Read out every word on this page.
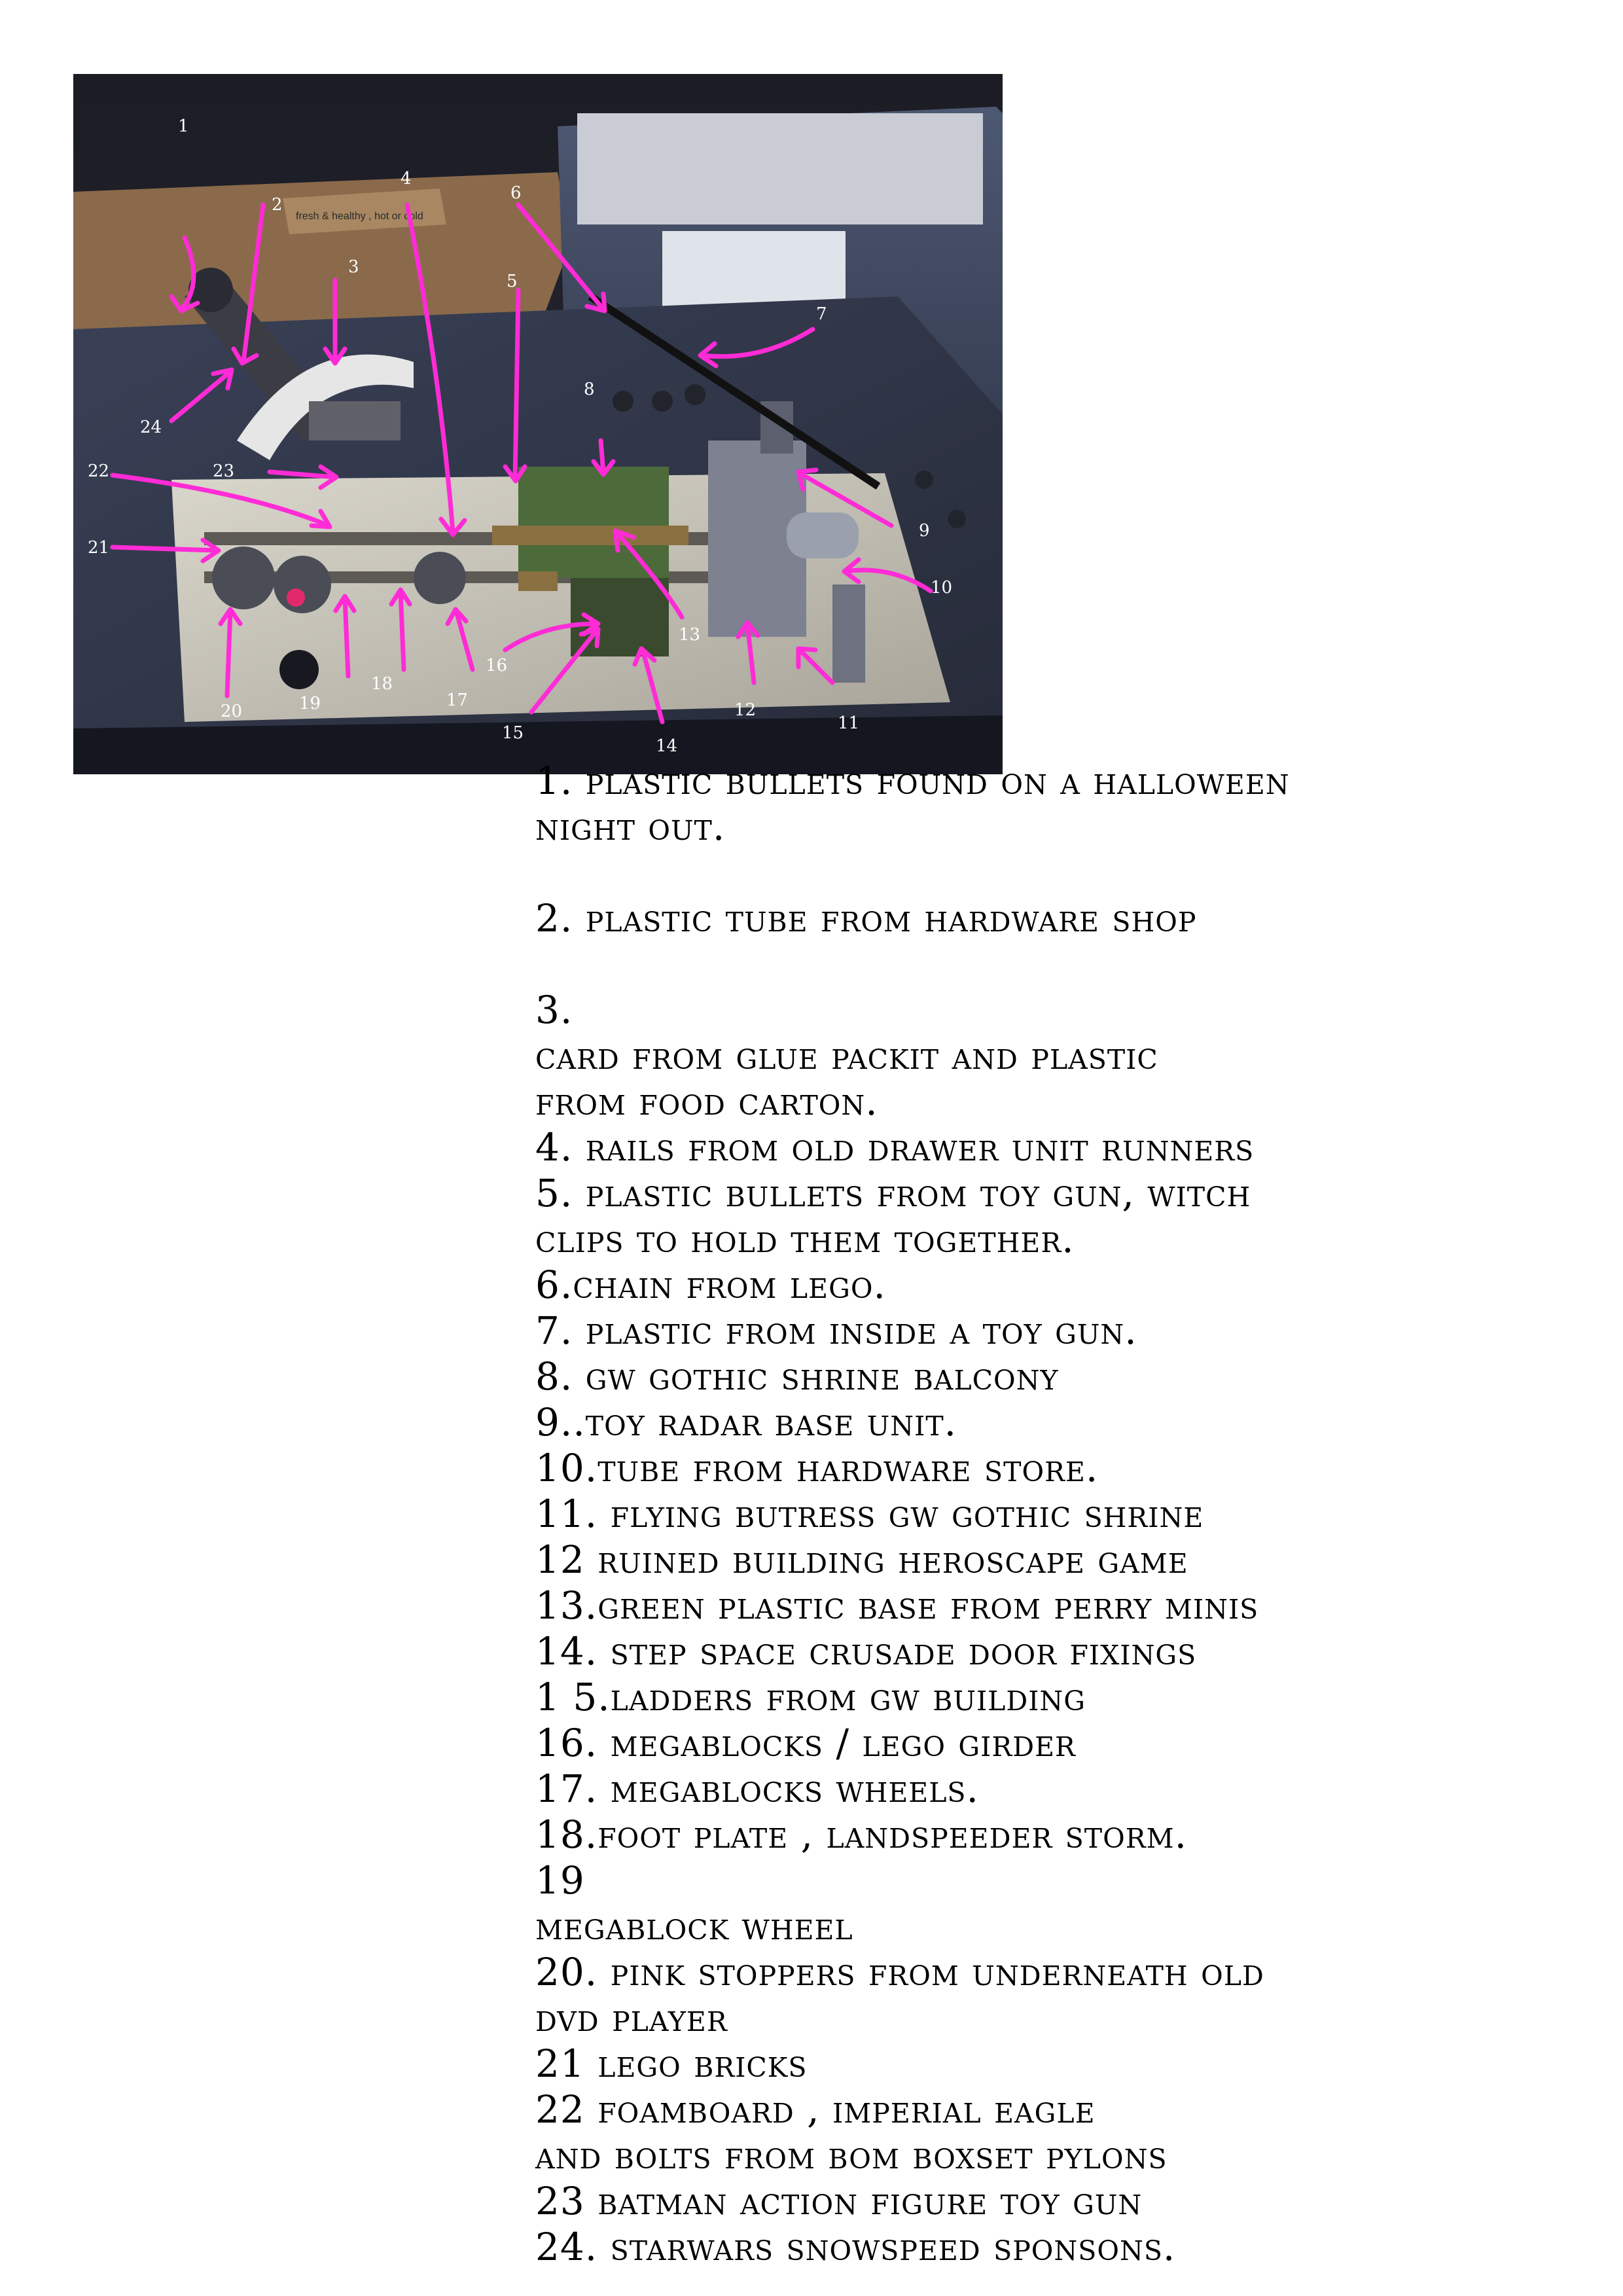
fresh & healthy , hot or cold
1
2
3
4
5
6
7
8
9
10
11
12
13
14
15
16
17
18
19
20
21
22	23
24
1. plastic bullets found on a halloween
night out.
2. plastic tube from hardware shop
3.
card from glue packit and plastic
from food carton.
4. rails from old drawer unit runners
5. plastic bullets from toy gun, witch
clips to hold them together.
6.chain from lego.
7. plastic from inside a toy gun.
8. gw gothic shrine balcony
9..toy radar base unit.
10.tube from hardware store.
11. flying butress gw gothic shrine
12 ruined building heroscape game
13.green plastic base from perry minis
14. step space crusade door fixings
1 5.ladders from gw building
16. megablocks / lego girder
17. megablocks wheels.
18.foot plate , landspeeder storm.
19
megablock wheel
20. pink stoppers from underneath old
dvd player
21 lego bricks
22 foamboard , imperial eagle
and bolts from bom boxset pylons
23 batman action figure toy gun
24. starwars snowspeed sponsons.
